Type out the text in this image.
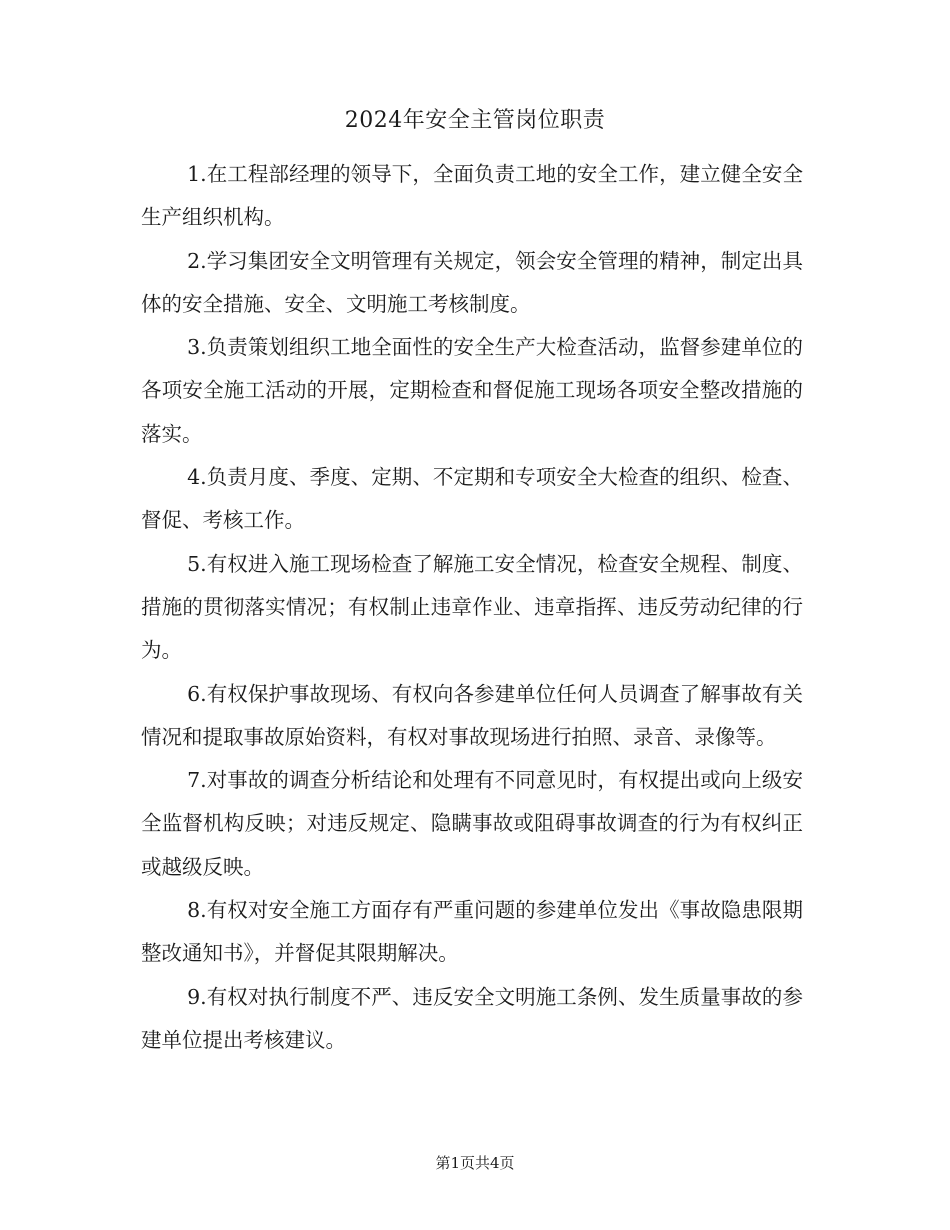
2024年安全主管岗位职责

1.在工程部经理的领导下，全面负责工地的安全工作，建立健全安全生产组织机构。

2.学习集团安全文明管理有关规定，领会安全管理的精神，制定出具体的安全措施、安全、文明施工考核制度。

3.负责策划组织工地全面性的安全生产大检查活动，监督参建单位的各项安全施工活动的开展，定期检查和督促施工现场各项安全整改措施的落实。

4.负责月度、季度、定期、不定期和专项安全大检查的组织、检查、督促、考核工作。

5.有权进入施工现场检查了解施工安全情况，检查安全规程、制度、措施的贯彻落实情况；有权制止违章作业、违章指挥、违反劳动纪律的行为。

6.有权保护事故现场、有权向各参建单位任何人员调查了解事故有关情况和提取事故原始资料，有权对事故现场进行拍照、录音、录像等。

7.对事故的调查分析结论和处理有不同意见时，有权提出或向上级安全监督机构反映；对违反规定、隐瞒事故或阻碍事故调查的行为有权纠正或越级反映。

8.有权对安全施工方面存有严重问题的参建单位发出《事故隐患限期整改通知书》，并督促其限期解决。

9.有权对执行制度不严、违反安全文明施工条例、发生质量事故的参建单位提出考核建议。

第1页共4页
